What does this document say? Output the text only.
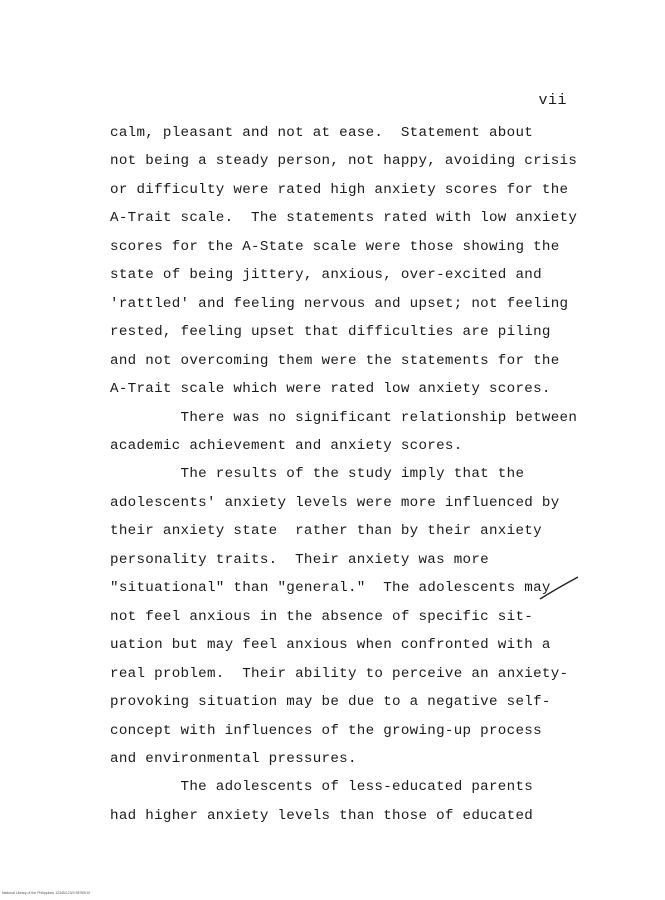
vii
calm, pleasant and not at ease.  Statement about
not being a steady person, not happy, avoiding crisis
or difficulty were rated high anxiety scores for the
A-Trait scale.  The statements rated with low anxiety
scores for the A-State scale were those showing the
state of being jittery, anxious, over-excited and
'rattled' and feeling nervous and upset; not feeling
rested, feeling upset that difficulties are piling
and not overcoming them were the statements for the
A-Trait scale which were rated low anxiety scores.
There was no significant relationship between
academic achievement and anxiety scores.
The results of the study imply that the
adolescents' anxiety levels were more influenced by
their anxiety state  rather than by their anxiety
personality traits.  Their anxiety was more
"situational" than "general."  The adolescents may
not feel anxious in the absence of specific sit-
uation but may feel anxious when confronted with a
real problem.  Their ability to perceive an anxiety-
provoking situation may be due to a negative self-
concept with influences of the growing-up process
and environmental pressures.
The adolescents of less-educated parents
had higher anxiety levels than those of educated
National Library of the Philippines 12345/123/3 98765/10
